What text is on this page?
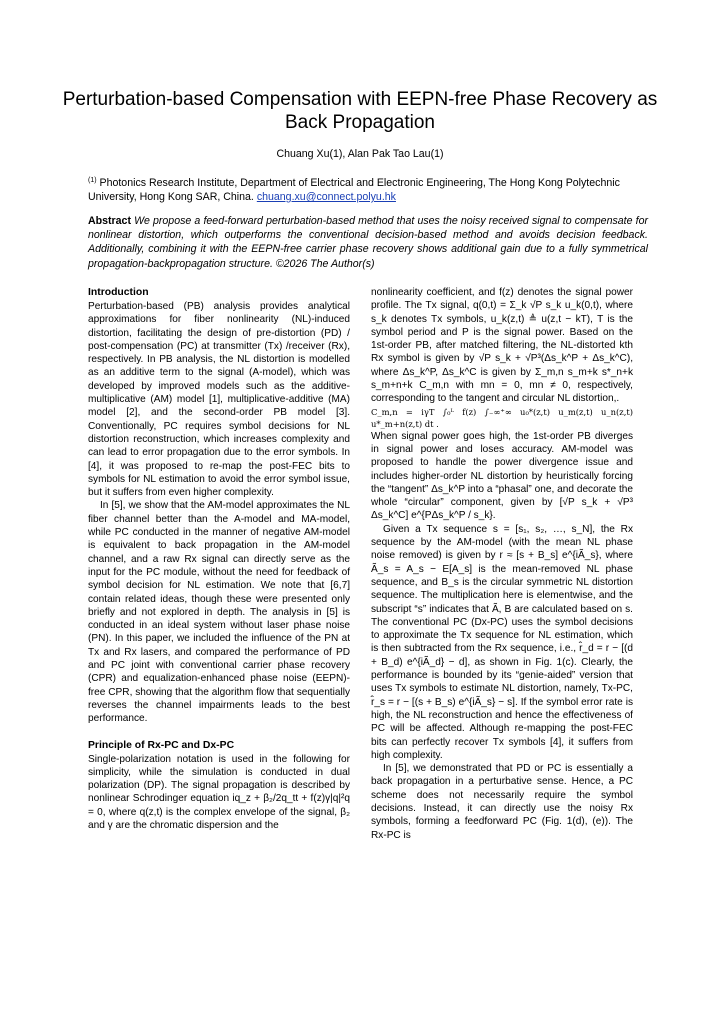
Perturbation-based Compensation with EEPN-free Phase Recovery as Back Propagation
Chuang Xu(1), Alan Pak Tao Lau(1)
$^{(1)}$ Photonics Research Institute, Department of Electrical and Electronic Engineering, The Hong Kong Polytechnic University, Hong Kong SAR, China. chuang.xu@connect.polyu.hk
Abstract We propose a feed-forward perturbation-based method that uses the noisy received signal to compensate for nonlinear distortion, which outperforms the conventional decision-based method and avoids decision feedback. Additionally, combining it with the EEPN-free carrier phase recovery shows additional gain due to a fully symmetrical propagation-backpropagation structure. ©2026 The Author(s)
Introduction

Perturbation-based (PB) analysis provides analytical approximations for fiber nonlinearity (NL)-induced distortion, facilitating the design of pre-distortion (PD) / post-compensation (PC) at transmitter (Tx) /receiver (Rx), respectively. In PB analysis, the NL distortion is modelled as an additive term to the signal (A-model), which was developed by improved models such as the additive-multiplicative (AM) model [1], multiplicative-additive (MA) model [2], and the second-order PB model [3]. Conventionally, PC requires symbol decisions for NL distortion reconstruction, which increases complexity and can lead to error propagation due to the error symbols. In [4], it was proposed to re-map the post-FEC bits to symbols for NL estimation to avoid the error symbol issue, but it suffers from even higher complexity.

In [5], we show that the AM-model approximates the NL fiber channel better than the A-model and MA-model, while PC conducted in the manner of negative AM-model is equivalent to back propagation in the AM-model channel, and a raw Rx signal can directly serve as the input for the PC module, without the need for feedback of symbol decision for NL estimation. We note that [6,7] contain related ideas, though these were presented only briefly and not explored in depth. The analysis in [5] is conducted in an ideal system without laser phase noise (PN). In this paper, we included the influence of the PN at Tx and Rx lasers, and compared the performance of PD and PC joint with conventional carrier phase recovery (CPR) and equalization-enhanced phase noise (EEPN)-free CPR, showing that the algorithm flow that sequentially reverses the channel impairments leads to the best performance.

Principle of Rx-PC and Dx-PC

Single-polarization notation is used in the following for simplicity, while the simulation is conducted in dual polarization (DP). The signal propagation is described by nonlinear Schrodinger equation iq_z + β₂/2q_tt + f(z)γ|q|²q = 0, where q(z,t) is the complex envelope of the signal, β₂ and γ are the chromatic dispersion and the

nonlinearity coefficient, and f(z) denotes the signal power profile. The Tx signal, q(0,t) = Σ_k √P s_k u_k(0,t), where s_k denotes Tx symbols, u_k(z,t) ≜ u(z,t − kT), T is the symbol period and P is the signal power. Based on the 1st-order PB, after matched filtering, the NL-distorted kth Rx symbol is given by √P s_k + √P³(Δs_k^P + Δs_k^C), where Δs_k^P, Δs_k^C is given by Σ_m,n s_m+k s*_n+k s_m+n+k C_m,n with mn = 0, mn ≠ 0, respectively, corresponding to the tangent and circular NL distortion,.

C_m,n = iγT ∫₀ᴸ f(z) ∫₋∞⁺∞ u₀*(z,t) u_m(z,t) u_n(z,t) u*_m+n(z,t) dt .

When signal power goes high, the 1st-order PB diverges in signal power and loses accuracy. AM-model was proposed to handle the power divergence issue and includes higher-order NL distortion by heuristically forcing the “tangent” Δs_k^P into a “phasal” one, and decorate the whole “circular” component, given by [√P s_k + √P³ Δs_k^C] e^{PΔs_k^P / s_k}.

Given a Tx sequence s = [s₁, s₂, …, s_N], the Rx sequence by the AM-model (with the mean NL phase noise removed) is given by r ≈ [s + B_s] e^{iÃ_s}, where Ã_s = A_s − E[A_s] is the mean-removed NL phase sequence, and B_s is the circular symmetric NL distortion sequence. The multiplication here is elementwise, and the subscript “s” indicates that Ã, B are calculated based on s. The conventional PC (Dx-PC) uses the symbol decisions to approximate the Tx sequence for NL estimation, which is then subtracted from the Rx sequence, i.e., r̂_d = r − [(d + B_d) e^{iÃ_d} − d], as shown in Fig. 1(c). Clearly, the performance is bounded by its “genie-aided” version that uses Tx symbols to estimate NL distortion, namely, Tx-PC, r̂_s = r − [(s + B_s) e^{iÃ_s} − s]. If the symbol error rate is high, the NL reconstruction and hence the effectiveness of PC will be affected. Although re-mapping the post-FEC bits can perfectly recover Tx symbols [4], it suffers from high complexity.

In [5], we demonstrated that PD or PC is essentially a back propagation in a perturbative sense. Hence, a PC scheme does not necessarily require the symbol decisions. Instead, it can directly use the noisy Rx symbols, forming a feedforward PC (Fig. 1(d), (e)). The Rx-PC is
